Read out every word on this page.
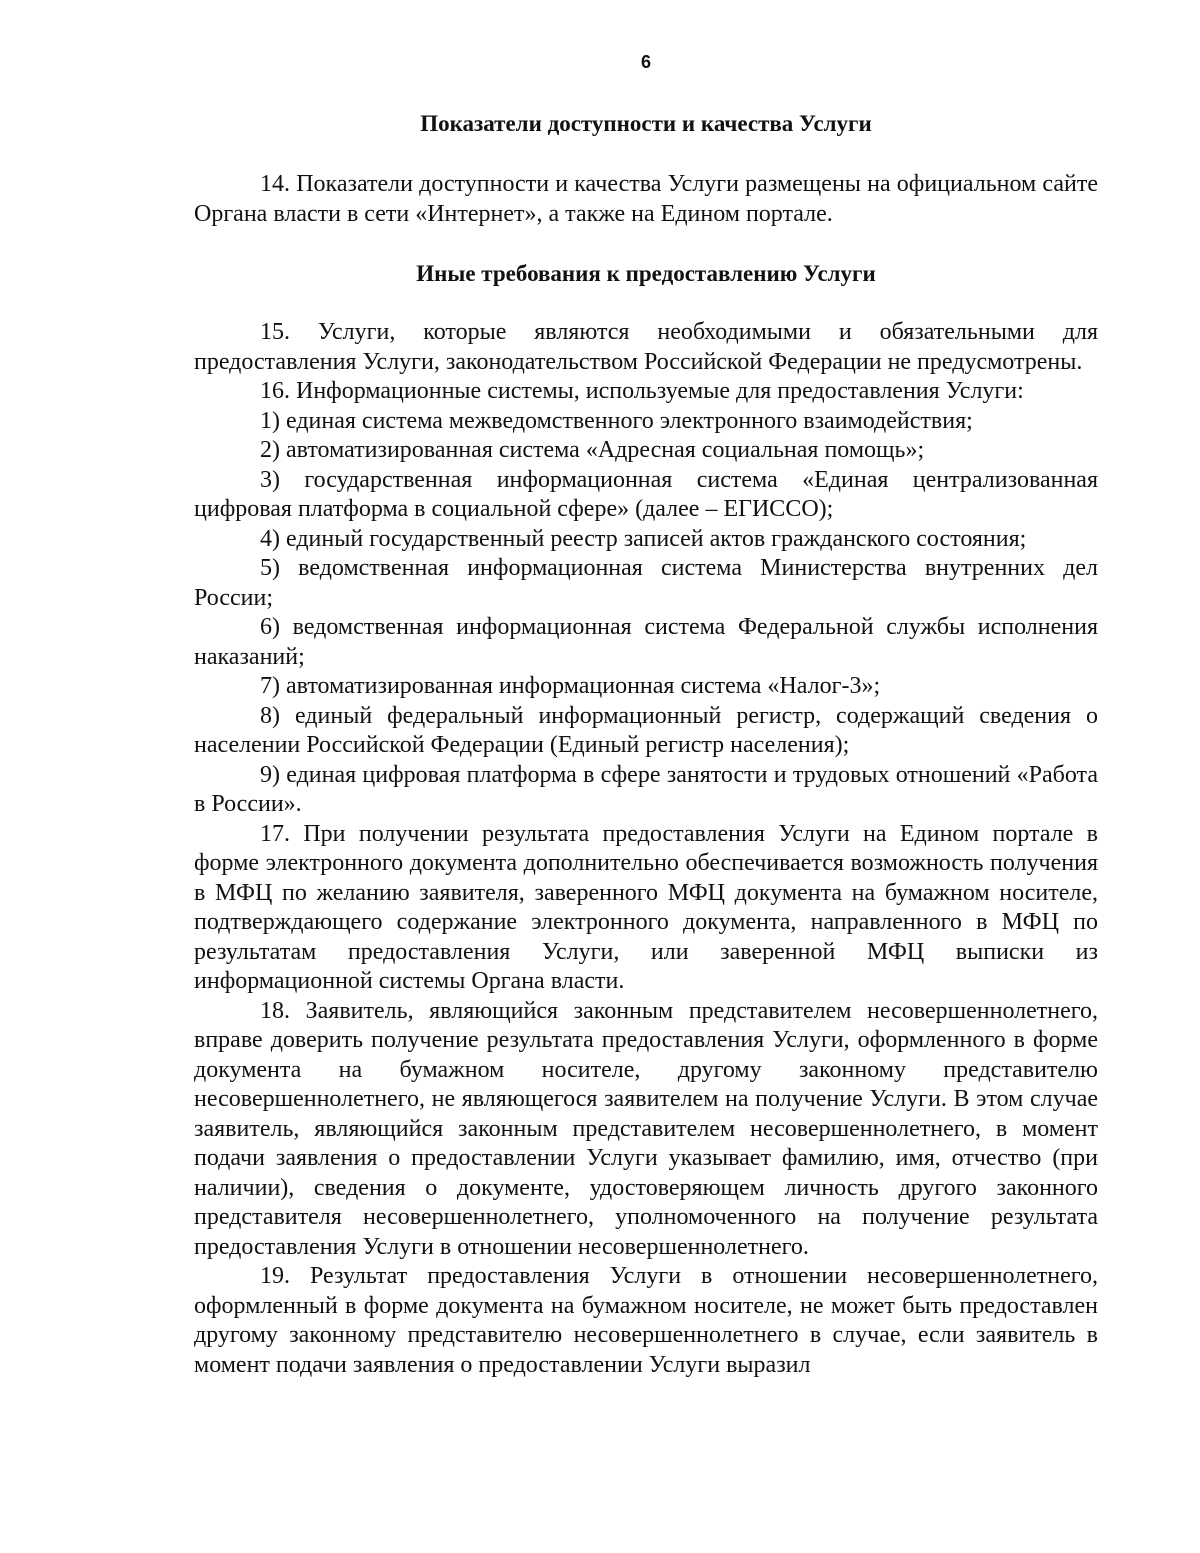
6
Показатели доступности и качества Услуги

14. Показатели доступности и качества Услуги размещены на официальном сайте Органа власти в сети «Интернет», а также на Едином портале.

Иные требования к предоставлению Услуги

15. Услуги, которые являются необходимыми и обязательными для предоставления Услуги, законодательством Российской Федерации не предусмотрены.

16. Информационные системы, используемые для предоставления Услуги:

1) единая система межведомственного электронного взаимодействия;

2) автоматизированная система «Адресная социальная помощь»;

3) государственная информационная система «Единая централизованная цифровая платформа в социальной сфере» (далее – ЕГИССО);

4) единый государственный реестр записей актов гражданского состояния;

5) ведомственная информационная система Министерства внутренних дел России;

6) ведомственная информационная система Федеральной службы исполнения наказаний;

7) автоматизированная информационная система «Налог-3»;

8) единый федеральный информационный регистр, содержащий сведения о населении Российской Федерации (Единый регистр населения);

9) единая цифровая платформа в сфере занятости и трудовых отношений «Работа в России».

17. При получении результата предоставления Услуги на Едином портале в форме электронного документа дополнительно обеспечивается возможность получения в МФЦ по желанию заявителя, заверенного МФЦ документа на бумажном носителе, подтверждающего содержание электронного документа, направленного в МФЦ по результатам предоставления Услуги, или заверенной МФЦ выписки из информационной системы Органа власти.

18. Заявитель, являющийся законным представителем несовершеннолетнего, вправе доверить получение результата предоставления Услуги, оформленного в форме документа на бумажном носителе, другому законному представителю несовершеннолетнего, не являющегося заявителем на получение Услуги. В этом случае заявитель, являющийся законным представителем несовершеннолетнего, в момент подачи заявления о предоставлении Услуги указывает фамилию, имя, отчество (при наличии), сведения о документе, удостоверяющем личность другого законного представителя несовершеннолетнего, уполномоченного на получение результата предоставления Услуги в отношении несовершеннолетнего.

19. Результат предоставления Услуги в отношении несовершеннолетнего, оформленный в форме документа на бумажном носителе, не может быть предоставлен другому законному представителю несовершеннолетнего в случае, если заявитель в момент подачи заявления о предоставлении Услуги выразил
